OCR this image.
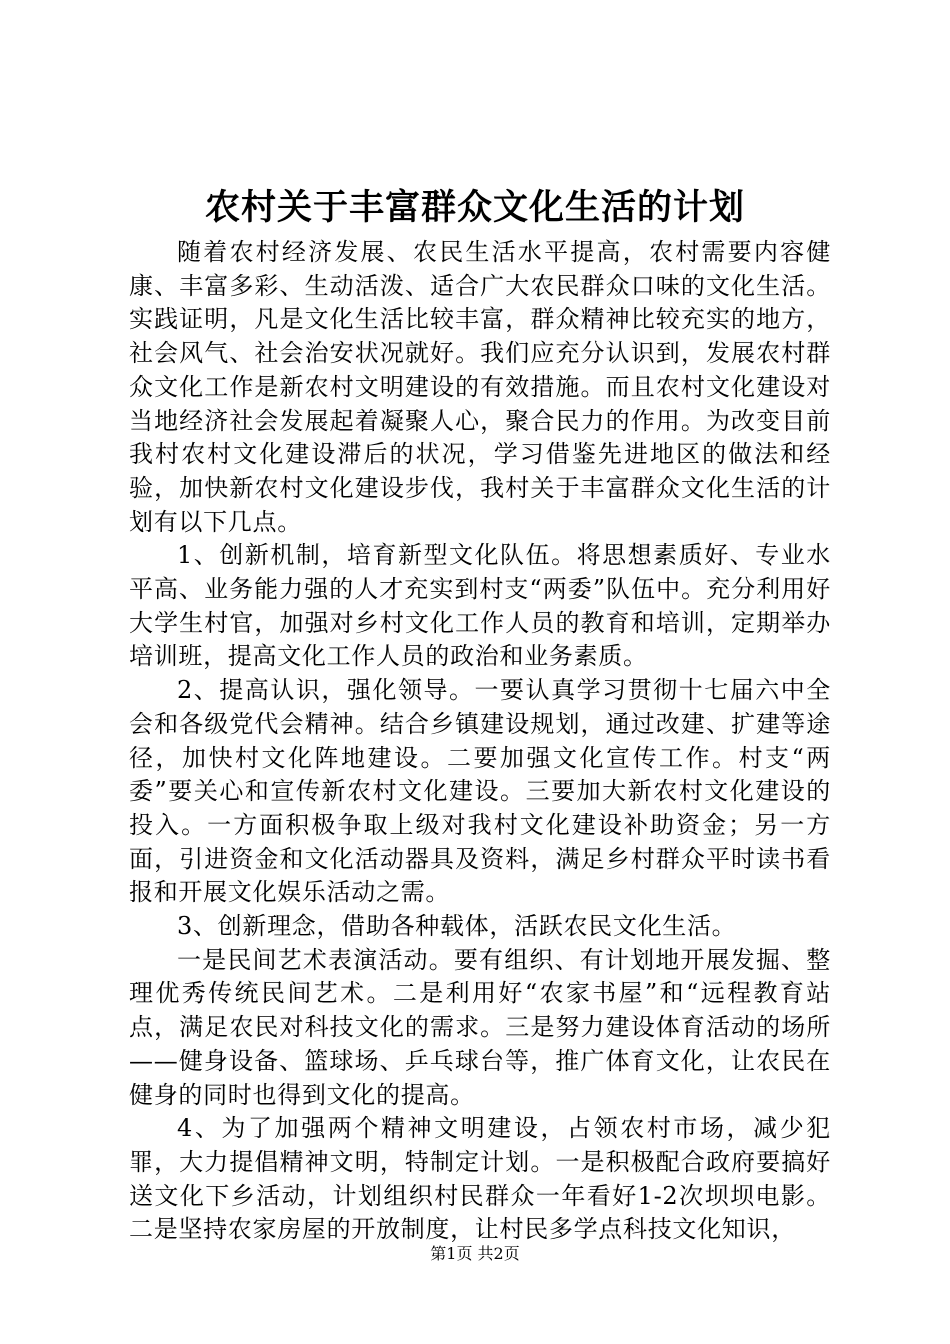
农村关于丰富群众文化生活的计划

随着农村经济发展、农民生活水平提高，农村需要内容健康、丰富多彩、生动活泼、适合广大农民群众口味的文化生活。实践证明，凡是文化生活比较丰富，群众精神比较充实的地方，社会风气、社会治安状况就好。我们应充分认识到，发展农村群众文化工作是新农村文明建设的有效措施。而且农村文化建设对当地经济社会发展起着凝聚人心，聚合民力的作用。为改变目前我村农村文化建设滞后的状况，学习借鉴先进地区的做法和经验，加快新农村文化建设步伐，我村关于丰富群众文化生活的计划有以下几点。

1、创新机制，培育新型文化队伍。将思想素质好、专业水平高、业务能力强的人才充实到村支“两委”队伍中。充分利用好大学生村官，加强对乡村文化工作人员的教育和培训，定期举办培训班，提高文化工作人员的政治和业务素质。

2、提高认识，强化领导。一要认真学习贯彻十七届六中全会和各级党代会精神。结合乡镇建设规划，通过改建、扩建等途径，加快村文化阵地建设。二要加强文化宣传工作。村支“两委”要关心和宣传新农村文化建设。三要加大新农村文化建设的投入。一方面积极争取上级对我村文化建设补助资金；另一方面，引进资金和文化活动器具及资料，满足乡村群众平时读书看报和开展文化娱乐活动之需。

3、创新理念，借助各种载体，活跃农民文化生活。

一是民间艺术表演活动。要有组织、有计划地开展发掘、整理优秀传统民间艺术。二是利用好“农家书屋”和“远程教育站点，满足农民对科技文化的需求。三是努力建设体育活动的场所——健身设备、篮球场、乒乓球台等，推广体育文化，让农民在健身的同时也得到文化的提高。

4、为了加强两个精神文明建设，占领农村市场，减少犯罪，大力提倡精神文明，特制定计划。一是积极配合政府要搞好送文化下乡活动，计划组织村民群众一年看好1-2次坝坝电影。二是坚持农家房屋的开放制度，让村民多学点科技文化知识，

第1页 共2页
